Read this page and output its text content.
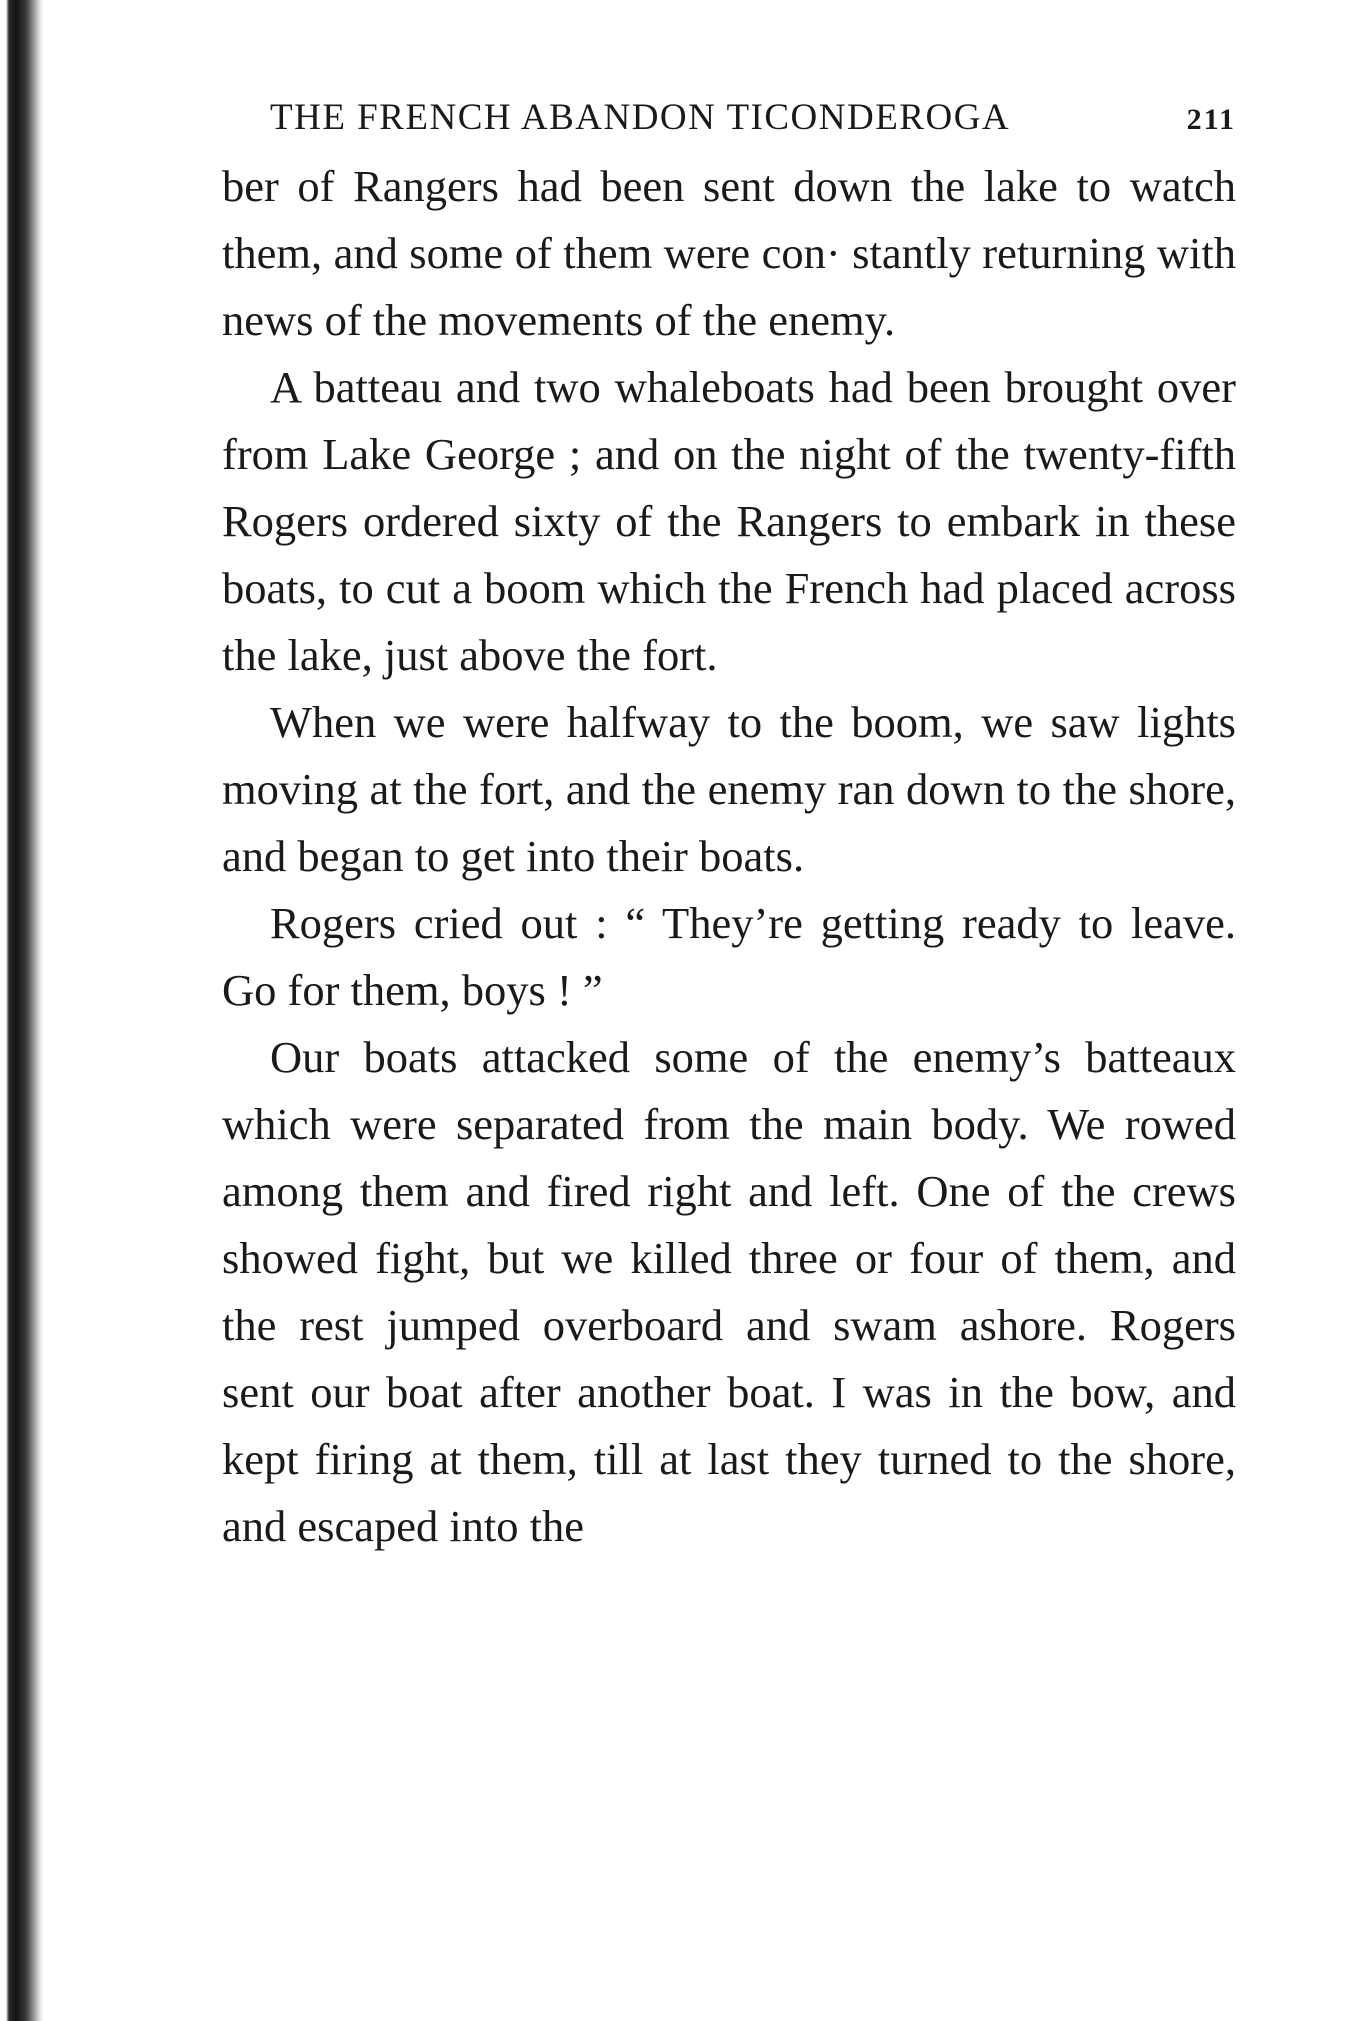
THE FRENCH ABANDON TICONDEROGA	211

ber of Rangers had been sent down the lake to watch them, and some of them were con· stantly returning with news of the movements of the enemy.

A batteau and two whaleboats had been brought over from Lake George ; and on the night of the twenty-fifth Rogers ordered sixty of the Rangers to embark in these boats, to cut a boom which the French had placed across the lake, just above the fort.

When we were halfway to the boom, we saw lights moving at the fort, and the enemy ran down to the shore, and began to get into their boats.

Rogers cried out : “ They’re getting ready to leave. Go for them, boys ! ”

Our boats attacked some of the enemy’s batteaux which were separated from the main body. We rowed among them and fired right and left. One of the crews showed fight, but we killed three or four of them, and the rest jumped overboard and swam ashore. Rogers sent our boat after another boat. I was in the bow, and kept firing at them, till at last they turned to the shore, and escaped into the
